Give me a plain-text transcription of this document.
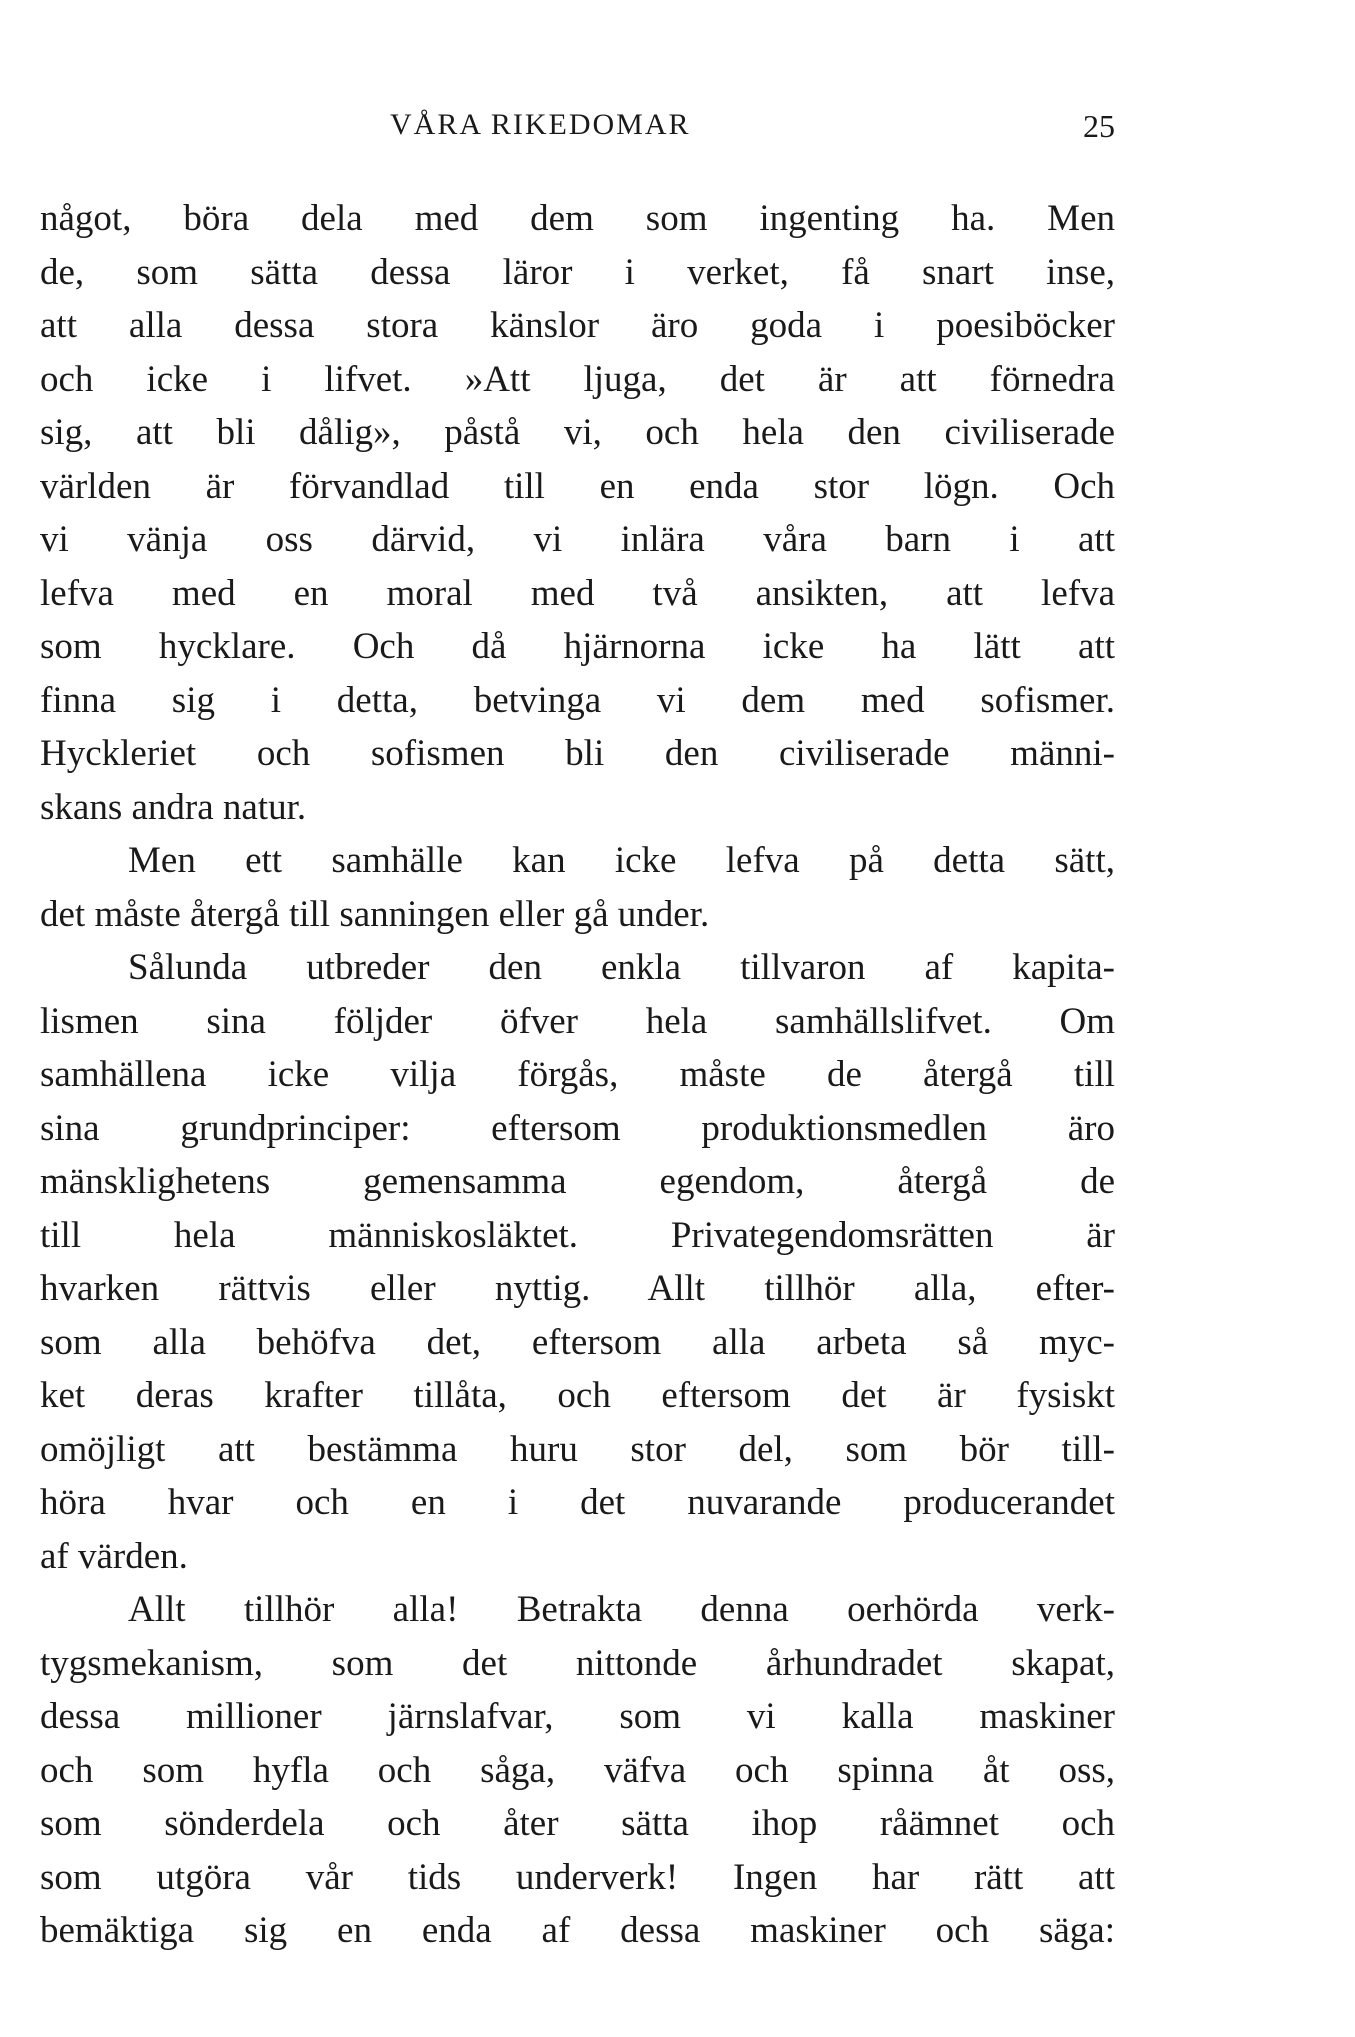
VÅRA RIKEDOMAR	25
något, böra dela med dem som ingenting ha. Men
de, som sätta dessa läror i verket, få snart inse,
att alla dessa stora känslor äro goda i poesiböcker
och icke i lifvet. »Att ljuga, det är att förnedra
sig, att bli dålig», påstå vi, och hela den civiliserade
världen är förvandlad till en enda stor lögn. Och
vi vänja oss därvid, vi inlära våra barn i att
lefva med en moral med två ansikten, att lefva
som hycklare. Och då hjärnorna icke ha lätt att
finna sig i detta, betvinga vi dem med sofismer.
Hyckleriet och sofismen bli den civiliserade männi-
skans andra natur.
Men ett samhälle kan icke lefva på detta sätt,
det måste återgå till sanningen eller gå under.
Sålunda utbreder den enkla tillvaron af kapita-
lismen sina följder öfver hela samhällslifvet. Om
samhällena icke vilja förgås, måste de återgå till
sina grundprinciper: eftersom produktionsmedlen äro
mänsklighetens gemensamma egendom, återgå de
till hela människosläktet. Privategendomsrätten är
hvarken rättvis eller nyttig. Allt tillhör alla, efter-
som alla behöfva det, eftersom alla arbeta så myc-
ket deras krafter tillåta, och eftersom det är fysiskt
omöjligt att bestämma huru stor del, som bör till-
höra hvar och en i det nuvarande producerandet
af värden.
Allt tillhör alla! Betrakta denna oerhörda verk-
tygsmekanism, som det nittonde århundradet skapat,
dessa millioner järnslafvar, som vi kalla maskiner
och som hyfla och såga, väfva och spinna åt oss,
som sönderdela och åter sätta ihop råämnet och
som utgöra vår tids underverk! Ingen har rätt att
bemäktiga sig en enda af dessa maskiner och säga:
